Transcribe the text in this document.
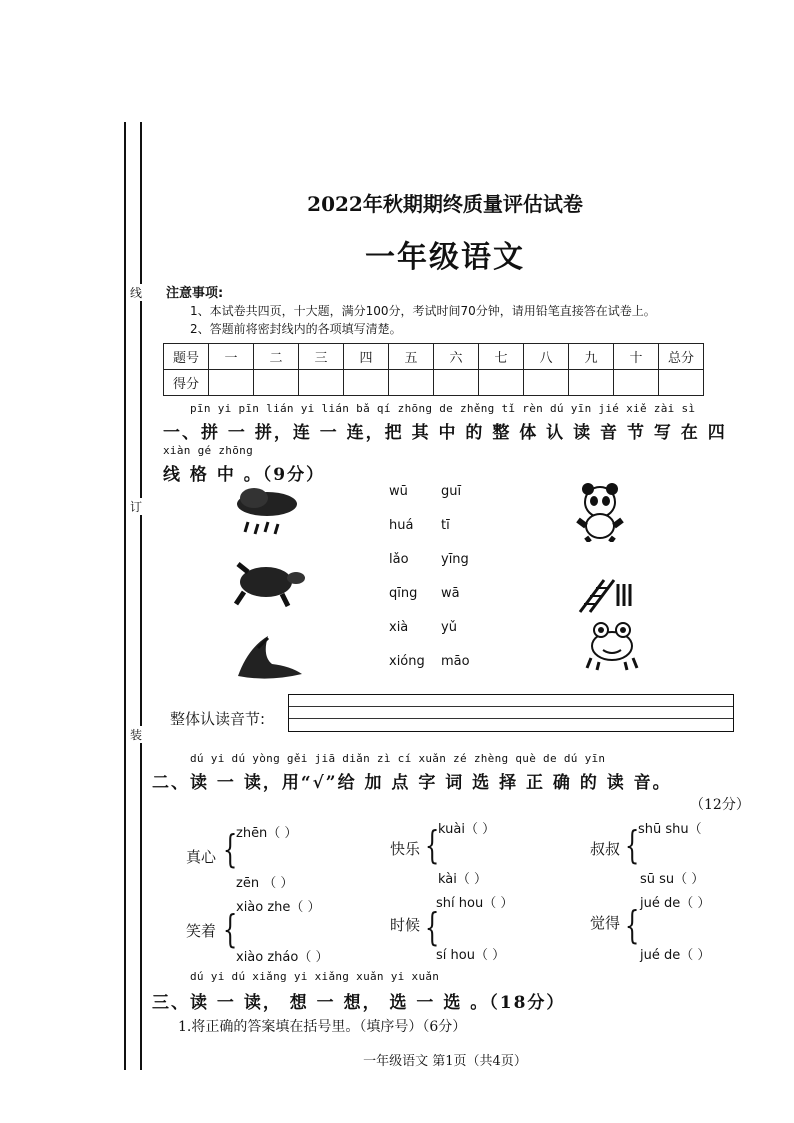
线
订
装
2022年秋期期终质量评估试卷
一年级语文
注意事项:
1、本试卷共四页，十大题，满分100分，考试时间70分钟，请用铅笔直接答在试卷上。
2、答题前将密封线内的各项填写清楚。
题号	一	二	三	四	五	六	七	八	九	十	总分
得分											
pīn yi pīn lián yi lián bǎ qí zhōng de zhěng tǐ rèn dú yīn jié xiě zài sì
一、拼 一 拼，连 一 连，把 其 中 的 整 体 认 读 音 节 写 在 四
xiàn gé zhōng
线 格 中 。（9分）
wū	guī
huá tī
lǎo yīng
qīng wā
xià	yǔ
xióng māo
整体认读音节:
dú yi dú yòng gěi jiā diǎn zì cí xuǎn zé zhèng què de dú yīn
二、读 一 读，用“√”给 加 点 字 词 选 择 正 确 的 读 音。
（12分）
真心 {
zhēn（ ）
zēn （ ）
快乐 {
kuài（ ）
kài（ ）
叔叔 {
shū shu（
sū su（ ）
xiào zhe（ ）
笑着 {
xiào zháo（ ）
shí hou（ ）
时候 {
sí hou（ ）
jué de（ ）
觉得 {
jué de（ ）
dú yi dú xiǎng yi xiǎng xuǎn yi xuǎn
三、读 一 读， 想 一 想， 选 一 选 。（18分）
1.将正确的答案填在括号里。（填序号）（6分）
一年级语文 第1页（共4页）
